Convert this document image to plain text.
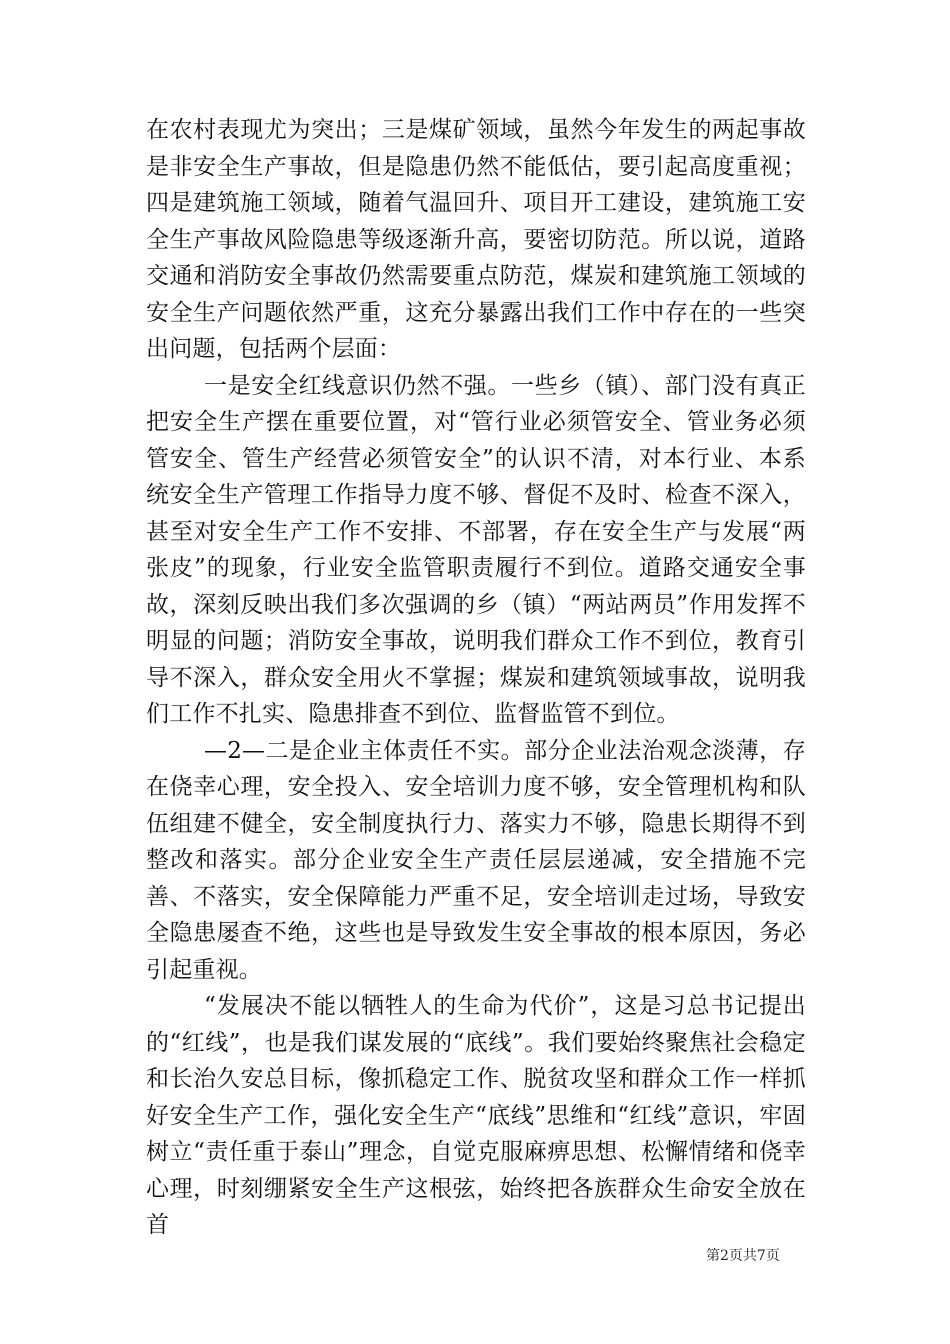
在农村表现尤为突出；三是煤矿领域，虽然今年发生的两起事故是非安全生产事故，但是隐患仍然不能低估，要引起高度重视；四是建筑施工领域，随着气温回升、项目开工建设，建筑施工安全生产事故风险隐患等级逐渐升高，要密切防范。所以说，道路交通和消防安全事故仍然需要重点防范，煤炭和建筑施工领域的安全生产问题依然严重，这充分暴露出我们工作中存在的一些突出问题，包括两个层面：

一是安全红线意识仍然不强。一些乡（镇）、部门没有真正把安全生产摆在重要位置，对“管行业必须管安全、管业务必须管安全、管生产经营必须管安全”的认识不清，对本行业、本系统安全生产管理工作指导力度不够、督促不及时、检查不深入，甚至对安全生产工作不安排、不部署，存在安全生产与发展“两张皮”的现象，行业安全监管职责履行不到位。道路交通安全事故，深刻反映出我们多次强调的乡（镇）“两站两员”作用发挥不明显的问题；消防安全事故，说明我们群众工作不到位，教育引导不深入，群众安全用火不掌握；煤炭和建筑领域事故，说明我们工作不扎实、隐患排查不到位、监督监管不到位。

—2—二是企业主体责任不实。部分企业法治观念淡薄，存在侥幸心理，安全投入、安全培训力度不够，安全管理机构和队伍组建不健全，安全制度执行力、落实力不够，隐患长期得不到整改和落实。部分企业安全生产责任层层递减，安全措施不完善、不落实，安全保障能力严重不足，安全培训走过场，导致安全隐患屡查不绝，这些也是导致发生安全事故的根本原因，务必引起重视。

“发展决不能以牺牲人的生命为代价”，这是习总书记提出的“红线”，也是我们谋发展的“底线”。我们要始终聚焦社会稳定和长治久安总目标，像抓稳定工作、脱贫攻坚和群众工作一样抓好安全生产工作，强化安全生产“底线”思维和“红线”意识，牢固树立“责任重于泰山”理念，自觉克服麻痹思想、松懈情绪和侥幸心理，时刻绷紧安全生产这根弦，始终把各族群众生命安全放在首

第2页共7页
